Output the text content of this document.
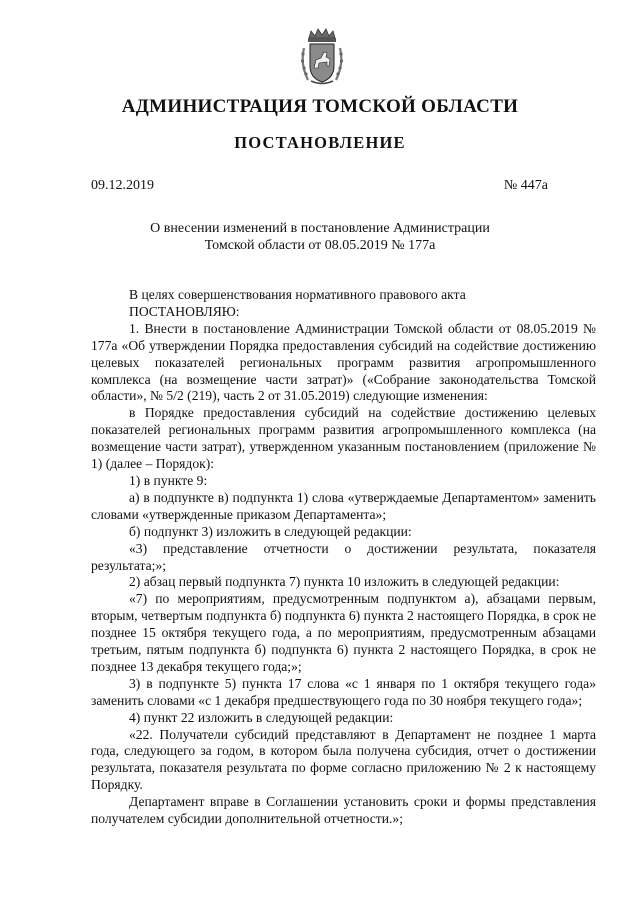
АДМИНИСТРАЦИЯ ТОМСКОЙ ОБЛАСТИ
ПОСТАНОВЛЕНИЕ
09.12.2019	№ 447а
О внесении изменений в постановление Администрации
Томской области от 08.05.2019 № 177а

В целях совершенствования нормативного правового акта

ПОСТАНОВЛЯЮ:

1. Внести в постановление Администрации Томской области от 08.05.2019 № 177а «Об утверждении Порядка предоставления субсидий на содействие достижению целевых показателей региональных программ развития агропромышленного комплекса (на возмещение части затрат)» («Собрание законодательства Томской области», № 5/2 (219), часть 2 от 31.05.2019) следующие изменения:

в Порядке предоставления субсидий на содействие достижению целевых показателей региональных программ развития агропромышленного комплекса (на возмещение части затрат), утвержденном указанным постановлением (приложение № 1) (далее – Порядок):

1) в пункте 9:

а) в подпункте в) подпункта 1) слова «утверждаемые Департаментом» заменить словами «утвержденные приказом Департамента»;

б) подпункт 3) изложить в следующей редакции:

«3) представление отчетности о достижении результата, показателя результата;»;

2) абзац первый подпункта 7) пункта 10 изложить в следующей редакции:

«7) по мероприятиям, предусмотренным подпунктом а), абзацами первым, вторым, четвертым подпункта б) подпункта 6) пункта 2 настоящего Порядка, в срок не позднее 15 октября текущего года, а по мероприятиям, предусмотренным абзацами третьим, пятым подпункта б) подпункта 6) пункта 2 настоящего Порядка, в срок не позднее 13 декабря текущего года;»;

3) в подпункте 5) пункта 17 слова «с 1 января по 1 октября текущего года» заменить словами «с 1 декабря предшествующего года по 30 ноября текущего года»;

4) пункт 22 изложить в следующей редакции:

«22. Получатели субсидий представляют в Департамент не позднее 1 марта года, следующего за годом, в котором была получена субсидия, отчет о достижении результата, показателя результата по форме согласно приложению № 2 к настоящему Порядку.

Департамент вправе в Соглашении установить сроки и формы представления получателем субсидии дополнительной отчетности.»;
